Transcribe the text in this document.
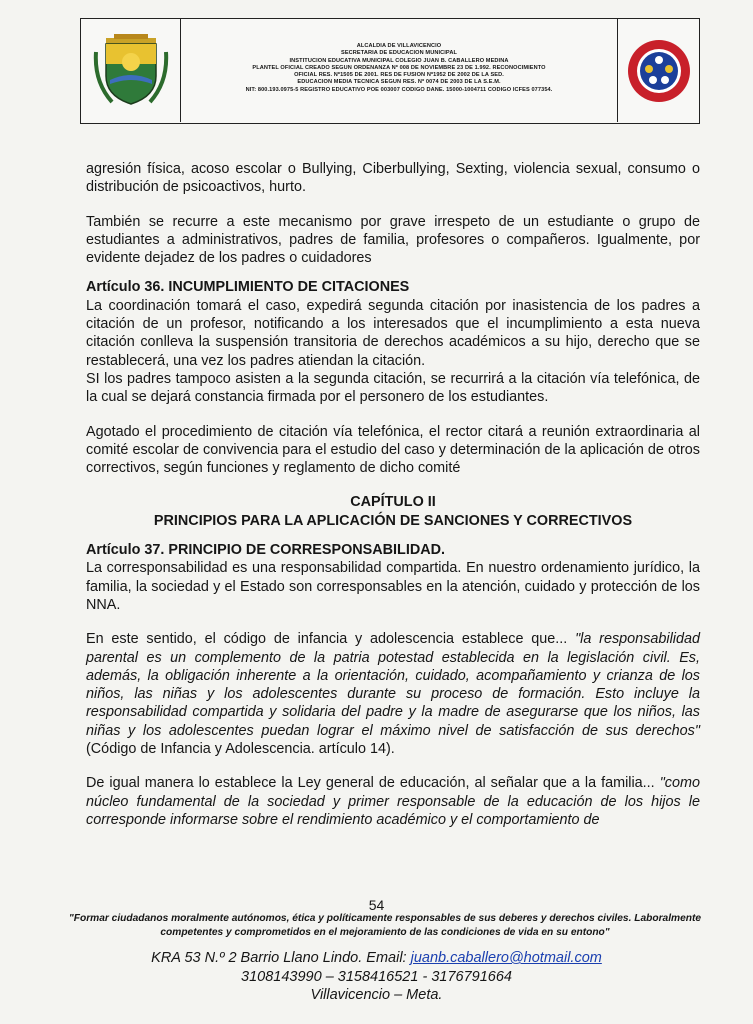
ALCALDÍA DE VILLAVICENCIO
SECRETARÍA DE EDUCACIÓN MUNICIPAL
INSTITUCIÓN EDUCATIVA MUNICIPAL COLEGIO JUAN B. CABALLERO MEDINA
PLANTEL OFICIAL CREADO SEGÚN ORDENANZA Nº 008 DE NOVIEMBRE 23 DE 1.992. RECONOCIMIENTO
OFICIAL RES. Nº1505 DE 2001. RES DE FUSIÓN Nº1952 DE 2002 DE LA SED.
EDUCACIÓN MEDIA TÉCNICA SEGÚN RES. Nº 0074 DE 2003 DE LA S.E.M.
NIT: 800.193.0975-5 REGISTRO EDUCATIVO POE 003007 CODIGO DANE. 15000-1004711 CODIGO ICFES 077354.

agresión física, acoso escolar o Bullying, Ciberbullying, Sexting, violencia sexual, consumo o distribución de psicoactivos, hurto.

También se recurre a este mecanismo por grave irrespeto de un estudiante o grupo de estudiantes a administrativos, padres de familia, profesores o compañeros. Igualmente, por evidente dejadez de los padres o cuidadores

Artículo 36. INCUMPLIMIENTO DE CITACIONES

La coordinación tomará el caso, expedirá segunda citación por inasistencia de los padres a citación de un profesor, notificando a los interesados que el incumplimiento a esta nueva citación conlleva la suspensión transitoria de derechos académicos a su hijo, derecho que se restablecerá, una vez los padres atiendan la citación.

SI los padres tampoco asisten a la segunda citación, se recurrirá a la citación vía telefónica, de la cual se dejará constancia firmada por el personero de los estudiantes.

Agotado el procedimiento de citación vía telefónica, el rector citará a reunión extraordinaria al comité escolar de convivencia para el estudio del caso y determinación de la aplicación de otros correctivos, según funciones y reglamento de dicho comité

CAPÍTULO II

PRINCIPIOS PARA LA APLICACIÓN DE SANCIONES Y CORRECTIVOS

Artículo 37. PRINCIPIO DE CORRESPONSABILIDAD.

La corresponsabilidad es una responsabilidad compartida. En nuestro ordenamiento jurídico, la familia, la sociedad y el Estado son corresponsables en la atención, cuidado y protección de los NNA.

En este sentido, el código de infancia y adolescencia establece que... "la responsabilidad parental es un complemento de la patria potestad establecida en la legislación civil. Es, además, la obligación inherente a la orientación, cuidado, acompañamiento y crianza de los niños, las niñas y los adolescentes durante su proceso de formación. Esto incluye la responsabilidad compartida y solidaria del padre y la madre de asegurarse que los niños, las niñas y los adolescentes puedan lograr el máximo nivel de satisfacción de sus derechos" (Código de Infancia y Adolescencia. artículo 14).

De igual manera lo establece la Ley general de educación, al señalar que a la familia... "como núcleo fundamental de la sociedad y primer responsable de la educación de los hijos le corresponde informarse sobre el rendimiento académico y el comportamiento de

54
"Formar ciudadanos moralmente autónomos, ética y políticamente responsables de sus deberes y derechos civiles. Laboralmente competentes y comprometidos en el mejoramiento de las condiciones de vida en su entono"
KRA 53 N.º 2 Barrio Llano Lindo. Email: juanb.caballero@hotmail.com
3108143990 – 3158416521 - 3176791664
Villavicencio – Meta.
